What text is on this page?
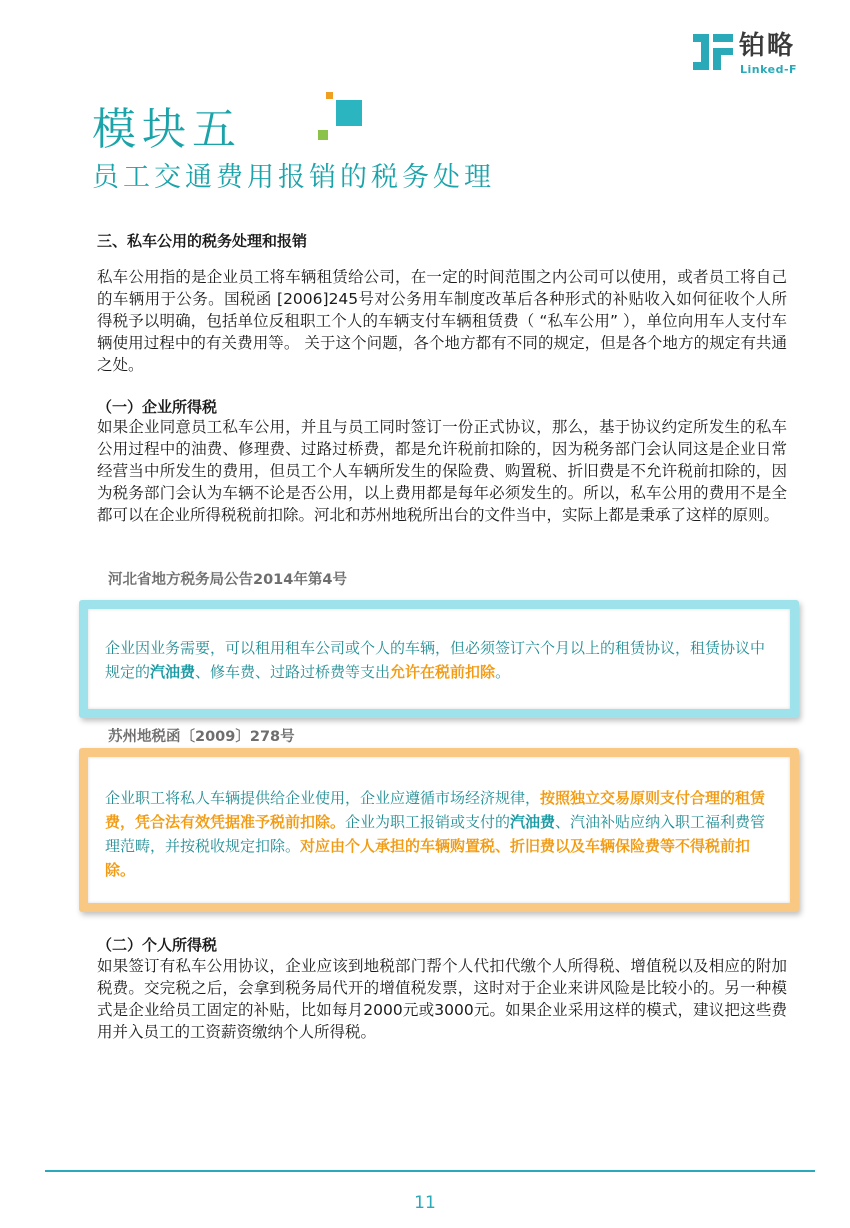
铂略
Linked-F
模块五
员工交通费用报销的税务处理
三、私车公用的税务处理和报销
私车公用指的是企业员工将车辆租赁给公司，在一定的时间范围之内公司可以使用，或者员工将自己的车辆用于公务。国税函 [2006]245号对公务用车制度改革后各种形式的补贴收入如何征收个人所得税予以明确，包括单位反租职工个人的车辆支付车辆租赁费（ “私车公用” ），单位向用车人支付车辆使用过程中的有关费用等。 关于这个问题，各个地方都有不同的规定，但是各个地方的规定有共通之处。
（一）企业所得税
如果企业同意员工私车公用，并且与员工同时签订一份正式协议，那么，基于协议约定所发生的私车公用过程中的油费、修理费、过路过桥费，都是允许税前扣除的，因为税务部门会认同这是企业日常经营当中所发生的费用，但员工个人车辆所发生的保险费、购置税、折旧费是不允许税前扣除的，因为税务部门会认为车辆不论是否公用，以上费用都是每年必须发生的。所以，私车公用的费用不是全都可以在企业所得税税前扣除。河北和苏州地税所出台的文件当中，实际上都是秉承了这样的原则。
河北省地方税务局公告2014年第4号
企业因业务需要，可以租用租车公司或个人的车辆，但必须签订六个月以上的租赁协议，租赁协议中规定的汽油费、修车费、过路过桥费等支出允许在税前扣除。
苏州地税函〔2009〕278号
企业职工将私人车辆提供给企业使用，企业应遵循市场经济规律，按照独立交易原则支付合理的租赁费，凭合法有效凭据准予税前扣除。企业为职工报销或支付的汽油费、汽油补贴应纳入职工福利费管理范畴，并按税收规定扣除。对应由个人承担的车辆购置税、折旧费以及车辆保险费等不得税前扣除。
（二）个人所得税
如果签订有私车公用协议，企业应该到地税部门帮个人代扣代缴个人所得税、增值税以及相应的附加税费。交完税之后，会拿到税务局代开的增值税发票，这时对于企业来讲风险是比较小的。另一种模式是企业给员工固定的补贴，比如每月2000元或3000元。如果企业采用这样的模式，建议把这些费用并入员工的工资薪资缴纳个人所得税。
11
